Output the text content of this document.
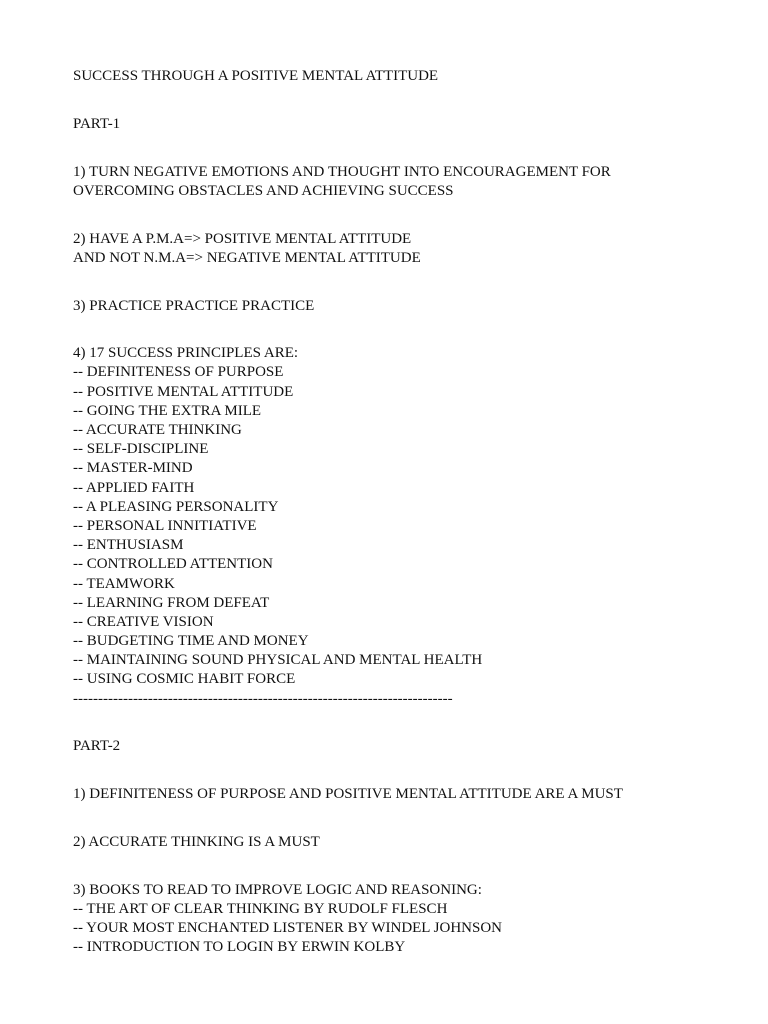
SUCCESS THROUGH A POSITIVE MENTAL ATTITUDE
PART-1
1) TURN NEGATIVE EMOTIONS AND THOUGHT INTO ENCOURAGEMENT FOR
OVERCOMING OBSTACLES AND ACHIEVING SUCCESS
2) HAVE A P.M.A=> POSITIVE MENTAL ATTITUDE
AND NOT N.M.A=> NEGATIVE MENTAL ATTITUDE
3) PRACTICE PRACTICE PRACTICE
4) 17 SUCCESS PRINCIPLES ARE:
-- DEFINITENESS OF PURPOSE
-- POSITIVE MENTAL ATTITUDE
-- GOING THE EXTRA MILE
-- ACCURATE THINKING
-- SELF-DISCIPLINE
-- MASTER-MIND
-- APPLIED FAITH
-- A PLEASING PERSONALITY
-- PERSONAL INNITIATIVE
-- ENTHUSIASM
-- CONTROLLED ATTENTION
-- TEAMWORK
-- LEARNING FROM DEFEAT
-- CREATIVE VISION
-- BUDGETING TIME AND MONEY
-- MAINTAINING SOUND PHYSICAL AND MENTAL HEALTH
-- USING COSMIC HABIT FORCE
----------------------------------------------------------------------------
PART-2
1) DEFINITENESS OF PURPOSE AND POSITIVE MENTAL ATTITUDE ARE A MUST
2) ACCURATE THINKING IS A MUST
3) BOOKS TO READ TO IMPROVE LOGIC AND REASONING:
-- THE ART OF CLEAR THINKING BY RUDOLF FLESCH
-- YOUR MOST ENCHANTED LISTENER BY WINDEL JOHNSON
-- INTRODUCTION TO LOGIN BY ERWIN KOLBY
